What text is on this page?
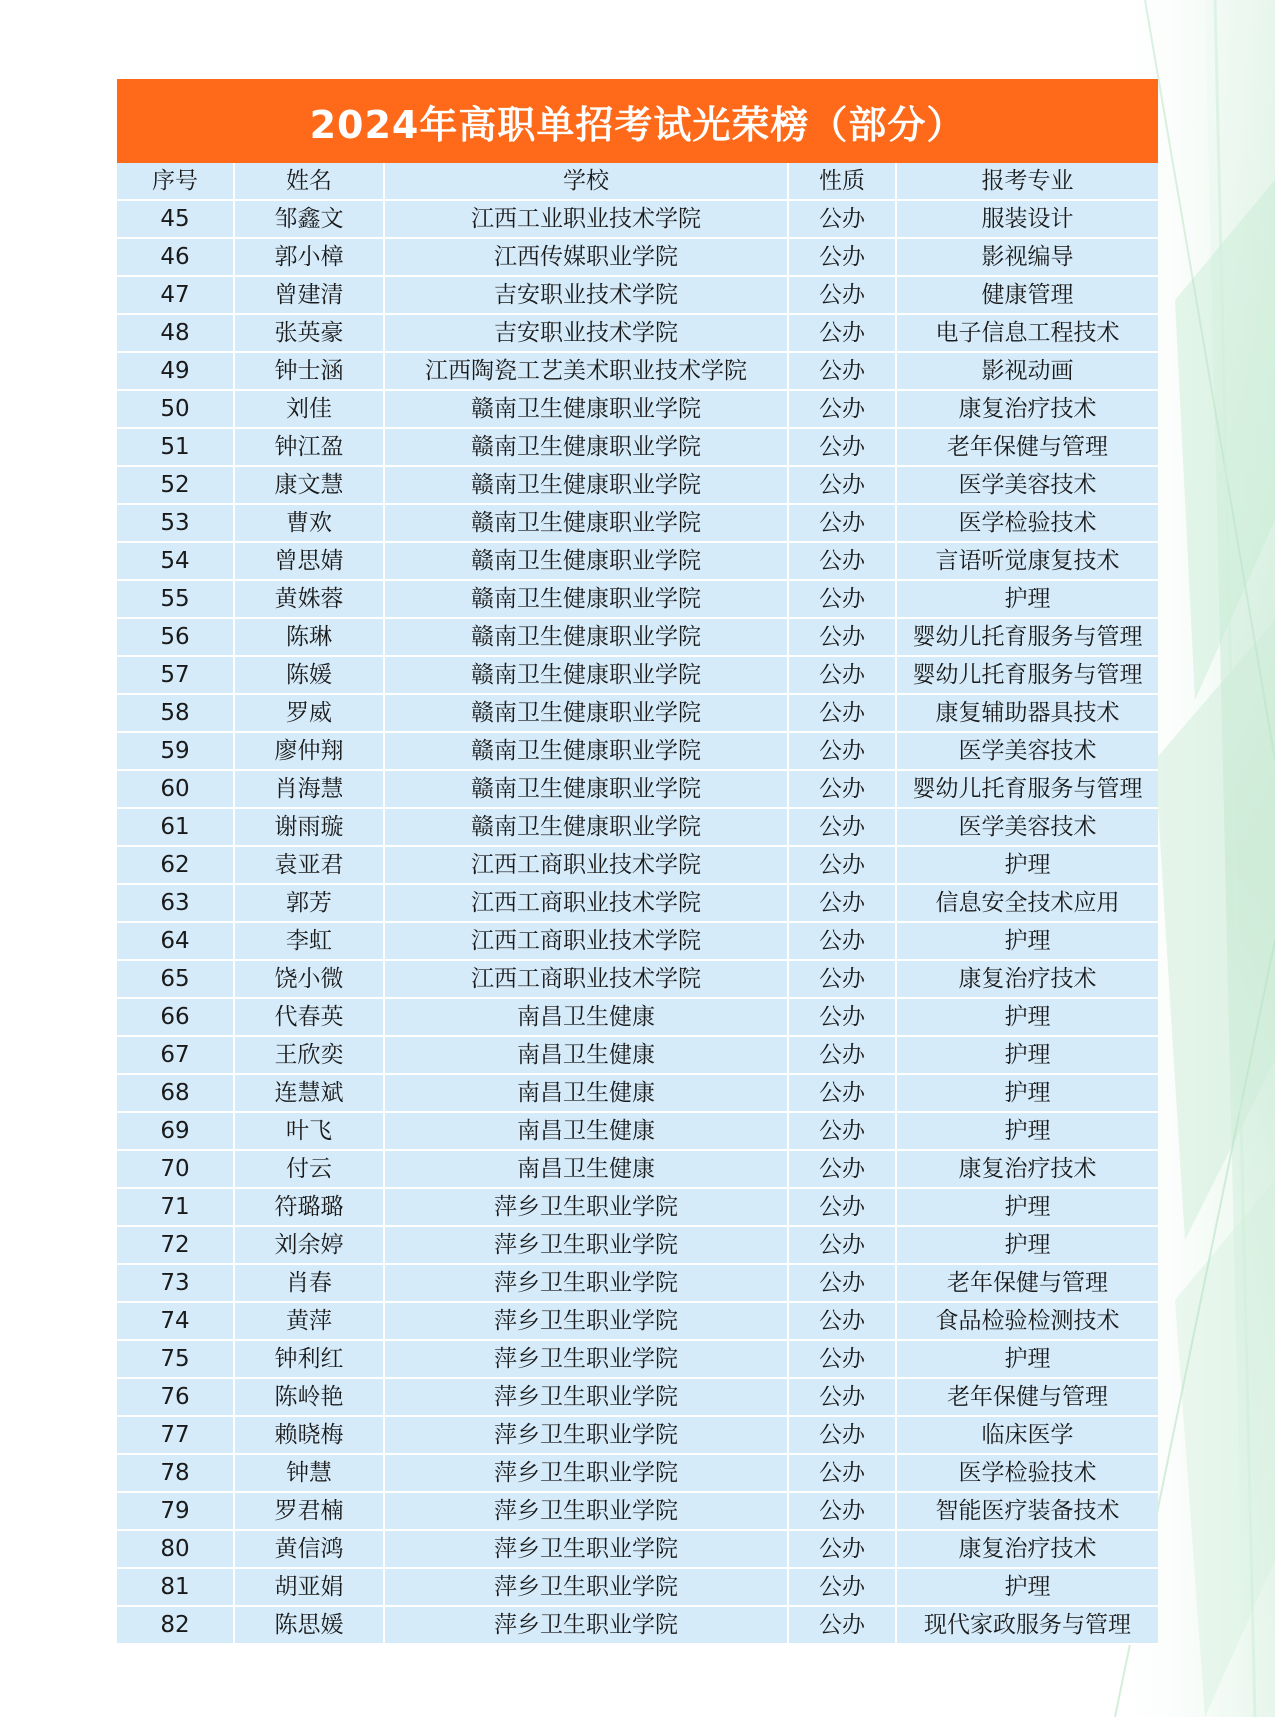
2024年高职单招考试光荣榜（部分）
序号	姓名	学校	性质	报考专业
45	邹鑫文	江西工业职业技术学院	公办	服装设计
46	郭小樟	江西传媒职业学院	公办	影视编导
47	曾建清	吉安职业技术学院	公办	健康管理
48	张英豪	吉安职业技术学院	公办	电子信息工程技术
49	钟士涵	江西陶瓷工艺美术职业技术学院	公办	影视动画
50	刘佳	赣南卫生健康职业学院	公办	康复治疗技术
51	钟江盈	赣南卫生健康职业学院	公办	老年保健与管理
52	康文慧	赣南卫生健康职业学院	公办	医学美容技术
53	曹欢	赣南卫生健康职业学院	公办	医学检验技术
54	曾思婧	赣南卫生健康职业学院	公办	言语听觉康复技术
55	黄姝蓉	赣南卫生健康职业学院	公办	护理
56	陈琳	赣南卫生健康职业学院	公办	婴幼儿托育服务与管理
57	陈媛	赣南卫生健康职业学院	公办	婴幼儿托育服务与管理
58	罗威	赣南卫生健康职业学院	公办	康复辅助器具技术
59	廖仲翔	赣南卫生健康职业学院	公办	医学美容技术
60	肖海慧	赣南卫生健康职业学院	公办	婴幼儿托育服务与管理
61	谢雨璇	赣南卫生健康职业学院	公办	医学美容技术
62	袁亚君	江西工商职业技术学院	公办	护理
63	郭芳	江西工商职业技术学院	公办	信息安全技术应用
64	李虹	江西工商职业技术学院	公办	护理
65	饶小微	江西工商职业技术学院	公办	康复治疗技术
66	代春英	南昌卫生健康	公办	护理
67	王欣奕	南昌卫生健康	公办	护理
68	连慧斌	南昌卫生健康	公办	护理
69	叶飞	南昌卫生健康	公办	护理
70	付云	南昌卫生健康	公办	康复治疗技术
71	符璐璐	萍乡卫生职业学院	公办	护理
72	刘余婷	萍乡卫生职业学院	公办	护理
73	肖春	萍乡卫生职业学院	公办	老年保健与管理
74	黄萍	萍乡卫生职业学院	公办	食品检验检测技术
75	钟利红	萍乡卫生职业学院	公办	护理
76	陈岭艳	萍乡卫生职业学院	公办	老年保健与管理
77	赖晓梅	萍乡卫生职业学院	公办	临床医学
78	钟慧	萍乡卫生职业学院	公办	医学检验技术
79	罗君楠	萍乡卫生职业学院	公办	智能医疗装备技术
80	黄信鸿	萍乡卫生职业学院	公办	康复治疗技术
81	胡亚娟	萍乡卫生职业学院	公办	护理
82	陈思媛	萍乡卫生职业学院	公办	现代家政服务与管理
